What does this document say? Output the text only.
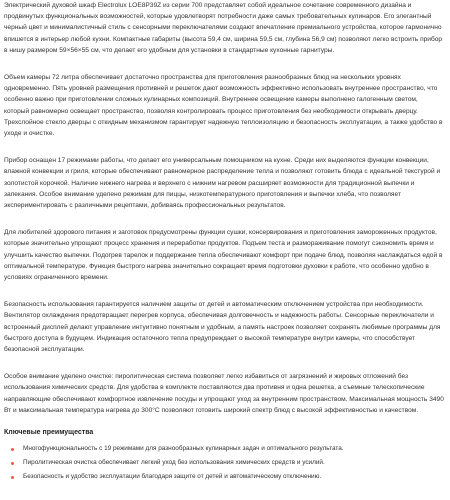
Электрический духовой шкаф Electrolux LOE8P39Z из серии 700 представляет собой идеальное сочетание современного дизайна и продвинутых функциональных возможностей, которые удовлетворят потребности даже самых требовательных кулинаров. Его элегантный черный цвет и минималистичный стиль с сенсорными переключателями создают впечатление премиального устройства, которое гармонично впишется в интерьер любой кухни. Компактные габариты (высота 59,4 см, ширина 59,5 см, глубина 56,9 см) позволяют легко встроить прибор в нишу размером 59×56×55 см, что делает его удобным для установки в стандартные кухонные гарнитуры.

Объем камеры 72 литра обеспечивает достаточно пространства для приготовления разнообразных блюд на нескольких уровнях одновременно. Пять уровней размещения противней и решеток дают возможность эффективно использовать внутреннее пространство, что особенно важно при приготовлении сложных кулинарных композиций. Внутреннее освещение камеры выполнено галогенным светом, который равномерно освещает пространство, позволяя контролировать процесс приготовления без необходимости открывать дверцу. Трехслойное стекло дверцы с откидным механизмом гарантирует надежную теплоизоляцию и безопасность эксплуатации, а также удобство в уходе и очистке.

Прибор оснащен 17 режимами работы, что делает его универсальным помощником на кухне. Среди них выделяются функции конвекции, влажной конвекции и гриля, которые обеспечивают равномерное распределение тепла и позволяют готовить блюда с идеальной текстурой и золотистой корочкой. Наличие нижнего нагрева и верхнего с нижним нагревом расширяет возможности для традиционной выпечки и запекания. Особое внимание уделено режимам для пиццы, низкотемпературного приготовления и выпечки хлеба, что позволяет экспериментировать с различными рецептами, добиваясь профессиональных результатов.

Для любителей здорового питания и заготовок предусмотрены функции сушки, консервирования и приготовления замороженных продуктов, которые значительно упрощают процесс хранения и переработки продуктов. Подъем теста и размораживание помогут сэкономить время и улучшить качество выпечки. Подогрев тарелок и поддержание тепла обеспечивают комфорт при подаче блюд, позволяя наслаждаться едой в оптимальной температуре. Функция быстрого нагрева значительно сокращает время подготовки духовки к работе, что особенно удобно в условиях ограниченного времени.

Безопасность использования гарантируется наличием защиты от детей и автоматическим отключением устройства при необходимости. Вентилятор охлаждения предотвращает перегрев корпуса, обеспечивая долговечность и надежность работы. Сенсорные переключатели и встроенный дисплей делают управление интуитивно понятным и удобным, а память настроек позволяет сохранять любимые программы для быстрого доступа в будущем. Индикация остаточного тепла предупреждает о высокой температуре внутри камеры, что способствует безопасной эксплуатации.

Особое внимание уделено очистке: пиролитическая система позволяет легко избавиться от загрязнений и жировых отложений без использования химических средств. Для удобства в комплекте поставляются два противня и одна решетка, а съемные телескопические направляющие обеспечивают комфортное извлечение посуды и упрощают уход за внутренним пространством. Максимальная мощность 3490 Вт и максимальная температура нагрева до 300°C позволяют готовить широкий спектр блюд с высокой эффективностью и качеством.

Ключевые преимущества
Многофункциональность с 19 режимами для разнообразных кулинарных задач и оптимального результата.
Пиролитическая очистка обеспечивает легкий уход без использования химических средств и усилий.
Безопасность и удобство эксплуатации благодаря защите от детей и автоматическому отключению.
